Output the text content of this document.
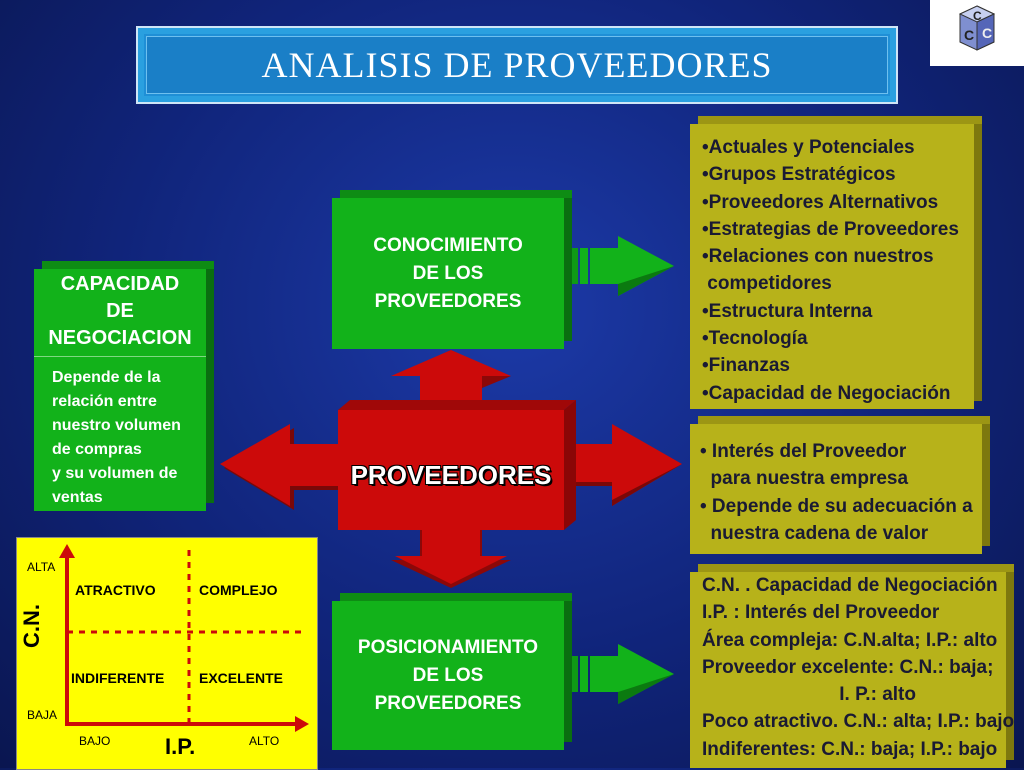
ANALISIS DE PROVEEDORES
C
C C
PROVEEDORES
CONOCIMIENTO
DE LOS
PROVEEDORES
POSICIONAMIENTO
DE LOS
PROVEEDORES
CAPACIDAD
DE
NEGOCIACION
Depende de la
relación entre
nuestro volumen
de compras
y su volumen de
ventas
•Actuales y Potenciales
•Grupos Estratégicos
•Proveedores Alternativos
•Estrategias de Proveedores
•Relaciones con nuestros
competidores
•Estructura Interna
•Tecnología
•Finanzas
•Capacidad de Negociación
• Interés del Proveedor
para nuestra empresa
• Depende de su adecuación a
nuestra cadena de valor
C.N. . Capacidad de Negociación
I.P. : Interés del Proveedor
Área compleja: C.N.alta; I.P.: alto
Proveedor excelente: C.N.: baja;
I. P.: alto
Poco atractivo. C.N.: alta; I.P.: bajo
Indiferentes: C.N.: baja; I.P.: bajo
ALTA
BAJA
BAJO	ALTO
I.P.
C.N.
ATRACTIVO	COMPLEJO
INDIFERENTE EXCELENTE
